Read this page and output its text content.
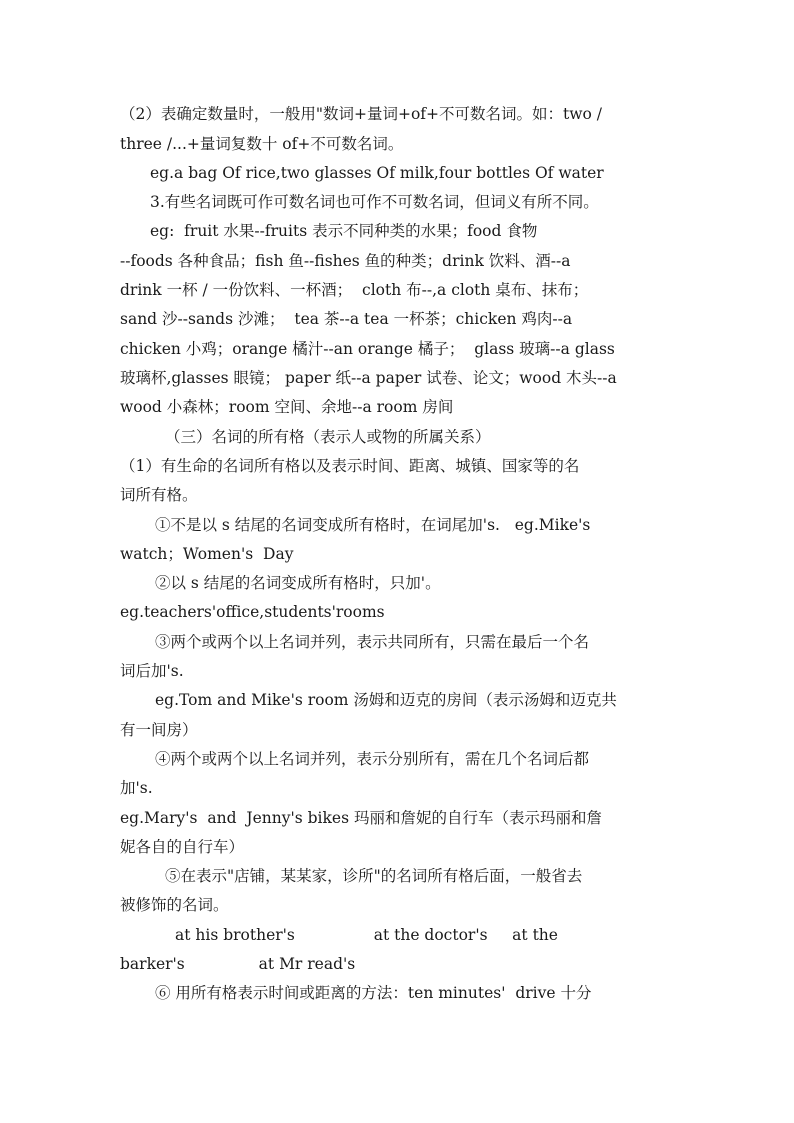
（2）表确定数量时，一般用"数词+量词+of+不可数名词。如：two /
three /...+量词复数十 of+不可数名词。
eg.a bag Of rice,two glasses Of milk,four bottles Of water
3.有些名词既可作可数名词也可作不可数名词，但词义有所不同。
eg:  fruit 水果--fruits 表示不同种类的水果；food 食物
--foods 各种食品；fish 鱼--fishes 鱼的种类；drink 饮料、酒--a
drink 一杯 / 一份饮料、一杯酒；  cloth 布--,a cloth 桌布、抹布；
sand 沙--sands 沙滩；  tea 茶--a tea 一杯茶；chicken 鸡肉--a
chicken 小鸡；orange 橘汁--an orange 橘子；  glass 玻璃--a glass
玻璃杯,glasses 眼镜； paper 纸--a paper 试卷、论文；wood 木头--a
wood 小森林；room 空间、余地--a room 房间
（三）名词的所有格（表示人或物的所属关系）
（1）有生命的名词所有格以及表示时间、距离、城镇、国家等的名
词所有格。
①不是以 s 结尾的名词变成所有格时，在词尾加's.   eg.Mike's
watch；Women's  Day
②以 s 结尾的名词变成所有格时，只加'。
eg.teachers'office,students'rooms
③两个或两个以上名词并列，表示共同所有，只需在最后一个名
词后加's.
eg.Tom and Mike's room 汤姆和迈克的房间（表示汤姆和迈克共
有一间房）
④两个或两个以上名词并列，表示分别所有，需在几个名词后都
加's.
eg.Mary's  and  Jenny's bikes 玛丽和詹妮的自行车（表示玛丽和詹
妮各自的自行车）
⑤在表示"店铺，某某家，诊所"的名词所有格后面，一般省去
被修饰的名词。
at his brother's                at the doctor's     at the
barker's               at Mr read's
⑥ 用所有格表示时间或距离的方法：ten minutes'  drive 十分
